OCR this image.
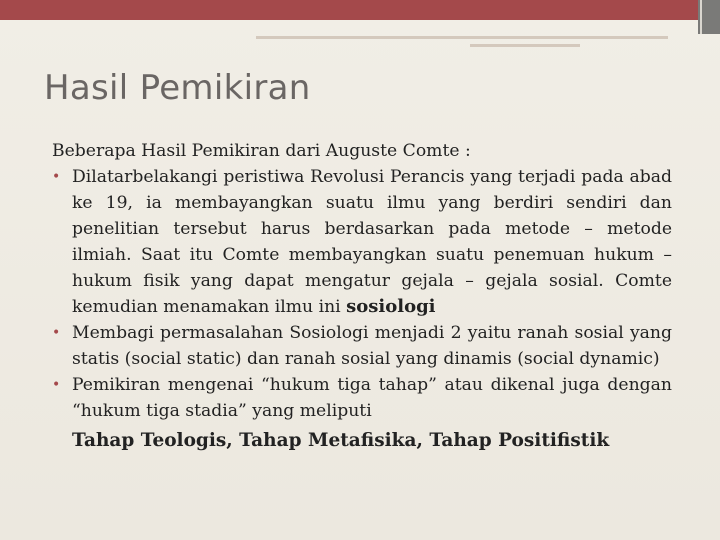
Hasil Pemikiran

Beberapa Hasil Pemikiran dari Auguste Comte :

• Dilatarbelakangi peristiwa Revolusi Perancis yang terjadi pada abad ke 19, ia membayangkan suatu ilmu yang berdiri sendiri dan penelitian tersebut harus berdasarkan pada metode – metode ilmiah. Saat itu Comte membayangkan suatu penemuan hukum – hukum fisik yang dapat mengatur gejala – gejala sosial. Comte kemudian menamakan ilmu ini sosiologi
• Membagi permasalahan Sosiologi menjadi 2 yaitu ranah sosial yang statis (social static) dan ranah sosial yang dinamis (social dynamic)
• Pemikiran mengenai “hukum tiga tahap” atau dikenal juga dengan “hukum tiga stadia” yang meliputi
Tahap Teologis, Tahap Metafisika, Tahap Positifistik
